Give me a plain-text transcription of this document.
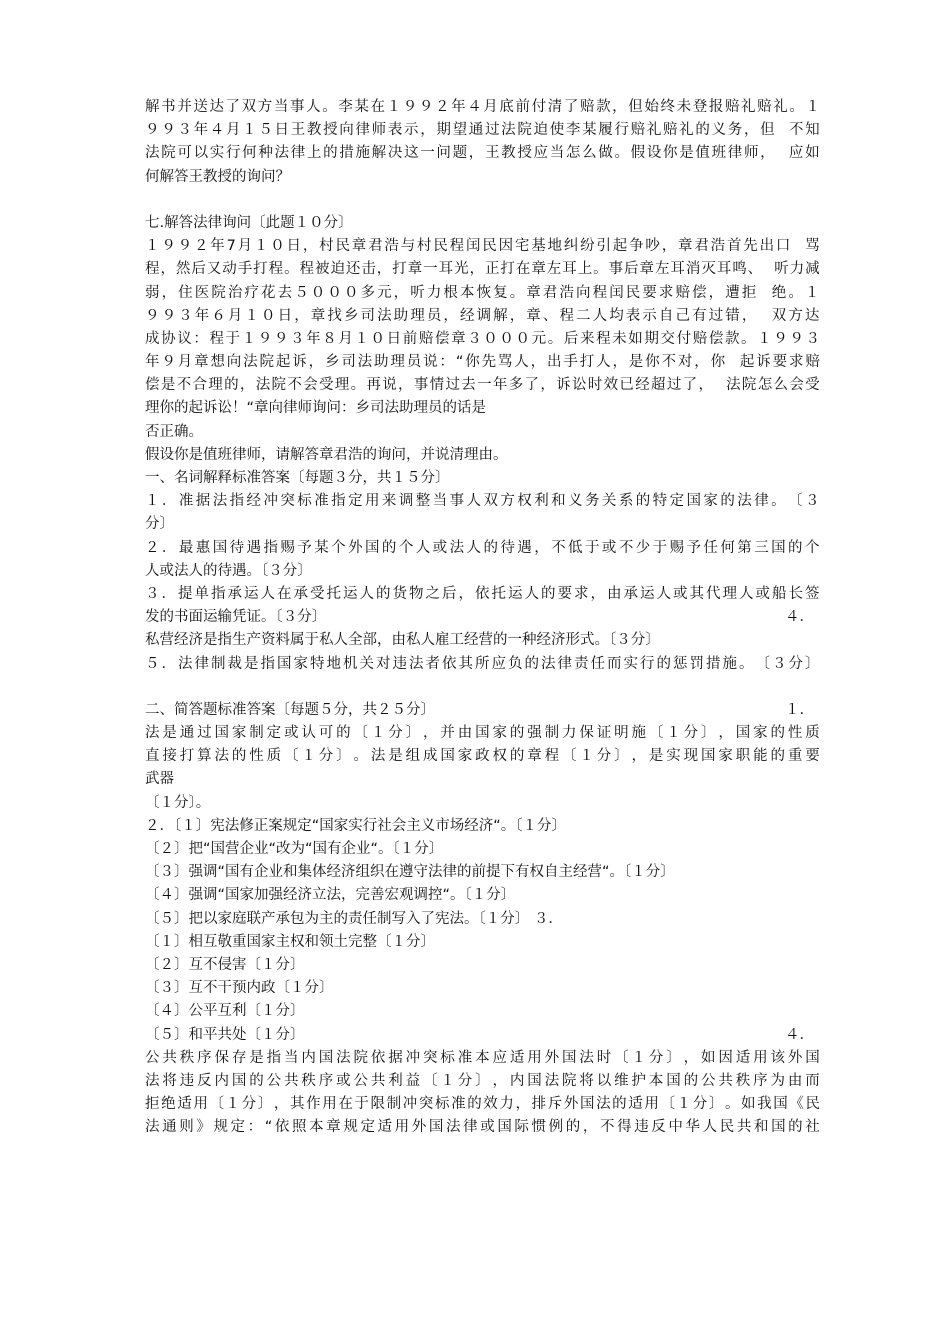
解 书 并 送 达 了 双 方 当 事 人 。 李 某 在 １ ９ ９ ２ 年 ４ 月 底 前 付 清 了 赔 款 ， 但 始 终 未 登 报 赔 礼 赔 礼 。 １
９ ９ ３ 年 ４ 月 １ ５ 日 王 教 授 向 律 师 表 示 ， 期 望 通 过 法 院 迫 使 李 某 履 行 赔 礼 赔 礼 的 义 务 ， 但

不 知
法 院 可 以 实 行 何 种 法 律 上 的 措 施 解 决 这 一 问 题 ， 王 教 授 应 当 怎 么 做 。 假 设 你 是 值 班 律 师 ，

应 如
何解答王教授的询问？
七.解答法律询问〔此题１０分〕
１ ９ ９ ２ 年 7 月 １ ０ 日 ， 村 民 章 君 浩 与 村 民 程 闰 民 因 宅 基 地 纠 纷 引 起 争 吵 ， 章 君 浩 首 先 出 口

骂
程 ， 然 后 又 动 手 打 程 。 程 被 迫 还 击 ， 打 章 一 耳 光 ， 正 打 在 章 左 耳 上 。 事 后 章 左 耳 消 灭 耳 鸣 、

听 力 减
弱 ， 住 医 院 治 疗 花 去 ５ ０ ０ ０ 多 元 ， 听 力 根 本 恢 复 。 章 君 浩 向 程 闰 民 要 求 赔 偿 ， 遭 拒

绝 。 １
９ ９ ３ 年 ６ 月 １ ０ 日 ， 章 找 乡 司 法 助 理 员 ， 经 调 解 ， 章 、 程 二 人 均 表 示 自 己 有 过 错 ，

双 方 达
成 协 议 ： 程 于 １ ９ ９ ３ 年 ８ 月 １ ０ 日 前 赔 偿 章 ３ ０ ０ ０ 元 。 后 来 程 未 如 期 交 付 赔 偿 款 。 １ ９ ９ ３
年 ９ 月 章 想 向 法 院 起 诉 ， 乡 司 法 助 理 员 说 ： “ 你 先 骂 人 ， 出 手 打 人 ， 是 你 不 对 ， 你

起 诉 要 求 赔
偿 是 不 合 理 的 ， 法 院 不 会 受 理 。 再 说 ， 事 情 过 去 一 年 多 了 ， 诉 讼 时 效 已 经 超 过 了 ，

法 院 怎 么 会 受
理你的起诉讼！“章向律师询问：乡司法助理员的话是
否正确。
假设你是值班律师，请解答章君浩的询问，并说清理由。
一、名词解释标准答案〔每题３分，共１５分〕
１ ． 准 据 法 指 经 冲 突 标 准 指 定 用 来 调 整 当 事 人 双 方 权 利 和 义 务 关 系 的 特 定 国 家 的 法 律 。 〔 ３
分〕
２ ． 最 惠 国 待 遇 指 赐 予 某 个 外 国 的 个 人 或 法 人 的 待 遇 ， 不 低 于 或 不 少 于 赐 予 任 何 第 三 国 的 个
人或法人的待遇。〔３分〕
３ ． 提 单 指 承 运 人 在 承 受 托 运 人 的 货 物 之 后 ， 依 托 运 人 的 要 求 ， 由 承 运 人 或 其 代 理 人 或 船 长 签
发的书面运输凭证。〔３分〕	４．
私营经济是指生产资料属于私人全部，由私人雇工经营的一种经济形式。〔３分〕
５ ． 法 律 制 裁 是 指 国 家 特 地 机 关 对 违 法 者 依 其 所 应 负 的 法 律 责 任 而 实 行 的 惩 罚 措 施 。 〔 ３ 分 〕
二、简答题标准答案〔每题５分，共２５分〕	１．
法 是 通 过 国 家 制 定 或 认 可 的 〔 １ 分 〕 ， 并 由 国 家 的 强 制 力 保 证 明 施 〔 １ 分 〕 ， 国 家 的 性 质
直 接 打 算 法 的 性 质 〔 １ 分 〕 。 法 是 组 成 国 家 政 权 的 章 程 〔 １ 分 〕 ， 是 实 现 国 家 职 能 的 重 要
武器
〔１分〕。
２．〔１〕宪法修正案规定“国家实行社会主义市场经济“。〔１分〕
〔２〕把“国营企业“改为“国有企业“。〔１分〕
〔３〕强调“国有企业和集体经济组织在遵守法律的前提下有权自主经营“。〔１分〕
〔４〕强调“国家加强经济立法，完善宏观调控“。〔１分〕
〔５〕把以家庭联产承包为主的责任制写入了宪法。〔１分〕 ３．
〔１〕相互敬重国家主权和领土完整〔１分〕
〔２〕互不侵害〔１分〕
〔３〕互不干预内政〔１分〕
〔４〕公平互利〔１分〕
〔５〕和平共处〔１分〕	４．
公 共 秩 序 保 存 是 指 当 内 国 法 院 依 据 冲 突 标 准 本 应 适 用 外 国 法 时 〔 １ 分 〕 ， 如 因 适 用 该 外 国
法 将 违 反 内 国 的 公 共 秩 序 或 公 共 利 益 〔 １ 分 〕 ， 内 国 法 院 将 以 维 护 本 国 的 公 共 秩 序 为 由 而
拒 绝 适 用 〔 １ 分 〕 ， 其 作 用 在 于 限 制 冲 突 标 准 的 效 力 ， 排 斥 外 国 法 的 适 用 〔 １ 分 〕 。 如 我 国 《 民
法 通 则 》 规 定 ： “ 依 照 本 章 规 定 适 用 外 国 法 律 或 国 际 惯 例 的 ， 不 得 违 反 中 华 人 民 共 和 国 的 社
